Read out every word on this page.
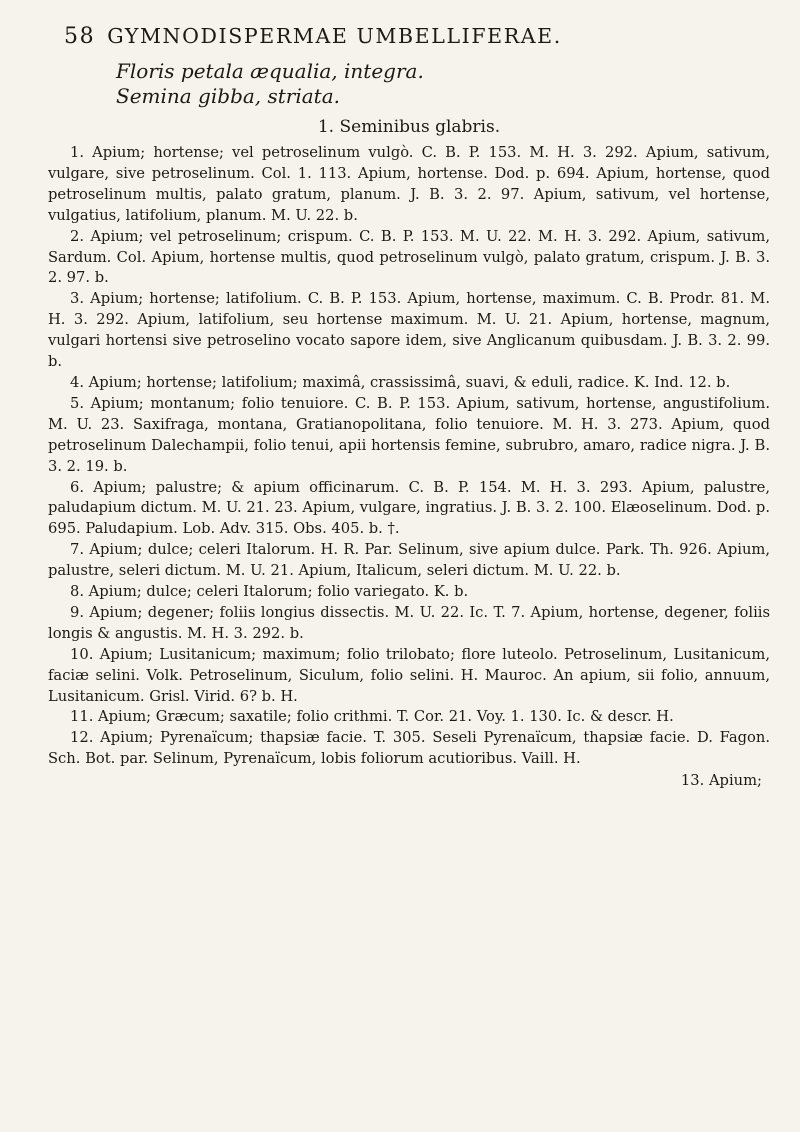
58 GYMNODISPERMAE UMBELLIFERAE.
Floris petala æqualia, integra.
Semina gibba, striata.
1. Seminibus glabris.

1. Apium; hortense; vel petroselinum vulgò. C. B. P. 153. M. H. 3. 292. Apium, sativum, vulgare, sive petroselinum. Col. 1. 113. Apium, hortense. Dod. p. 694. Apium, hortense, quod petroselinum multis, palato gratum, planum. J. B. 3. 2. 97. Apium, sativum, vel hortense, vulgatius, latifolium, planum. M. U. 22. b.

2. Apium; vel petroselinum; crispum. C. B. P. 153. M. U. 22. M. H. 3. 292. Apium, sativum, Sardum. Col. Apium, hortense multis, quod petroselinum vulgò, palato gratum, crispum. J. B. 3. 2. 97. b.

3. Apium; hortense; latifolium. C. B. P. 153. Apium, hortense, maximum. C. B. Prodr. 81. M. H. 3. 292. Apium, latifolium, seu hortense maximum. M. U. 21. Apium, hortense, magnum, vulgari hortensi sive petroselino vocato sapore idem, sive Anglicanum quibusdam. J. B. 3. 2. 99. b.

4. Apium; hortense; latifolium; maximâ, crassissimâ, suavi, & eduli, radice. K. Ind. 12. b.

5. Apium; montanum; folio tenuiore. C. B. P. 153. Apium, sativum, hortense, angustifolium. M. U. 23. Saxifraga, montana, Gratianopolitana, folio tenuiore. M. H. 3. 273. Apium, quod petroselinum Dalechampii, folio tenui, apii hortensis femine, subrubro, amaro, radice nigra. J. B. 3. 2. 19. b.

6. Apium; palustre; & apium officinarum. C. B. P. 154. M. H. 3. 293. Apium, palustre, paludapium dictum. M. U. 21. 23. Apium, vulgare, ingratius. J. B. 3. 2. 100. Elæoselinum. Dod. p. 695. Paludapium. Lob. Adv. 315. Obs. 405. b. †.

7. Apium; dulce; celeri Italorum. H. R. Par. Selinum, sive apium dulce. Park. Th. 926. Apium, palustre, seleri dictum. M. U. 21. Apium, Italicum, seleri dictum. M. U. 22. b.

8. Apium; dulce; celeri Italorum; folio variegato. K. b.

9. Apium; degener; foliis longius dissectis. M. U. 22. Ic. T. 7. Apium, hortense, degener, foliis longis & angustis. M. H. 3. 292. b.

10. Apium; Lusitanicum; maximum; folio trilobato; flore luteolo. Petroselinum, Lusitanicum, faciæ selini. Volk. Petroselinum, Siculum, folio selini. H. Mauroc. An apium, sii folio, annuum, Lusitanicum. Grisl. Virid. 6? b. H.

11. Apium; Græcum; saxatile; folio crithmi. T. Cor. 21. Voy. 1. 130. Ic. & descr. H.

12. Apium; Pyrenaïcum; thapsiæ facie. T. 305. Seseli Pyrenaïcum, thapsiæ facie. D. Fagon. Sch. Bot. par. Selinum, Pyrenaïcum, lobis foliorum acutioribus. Vaill. H.

13. Apium;
